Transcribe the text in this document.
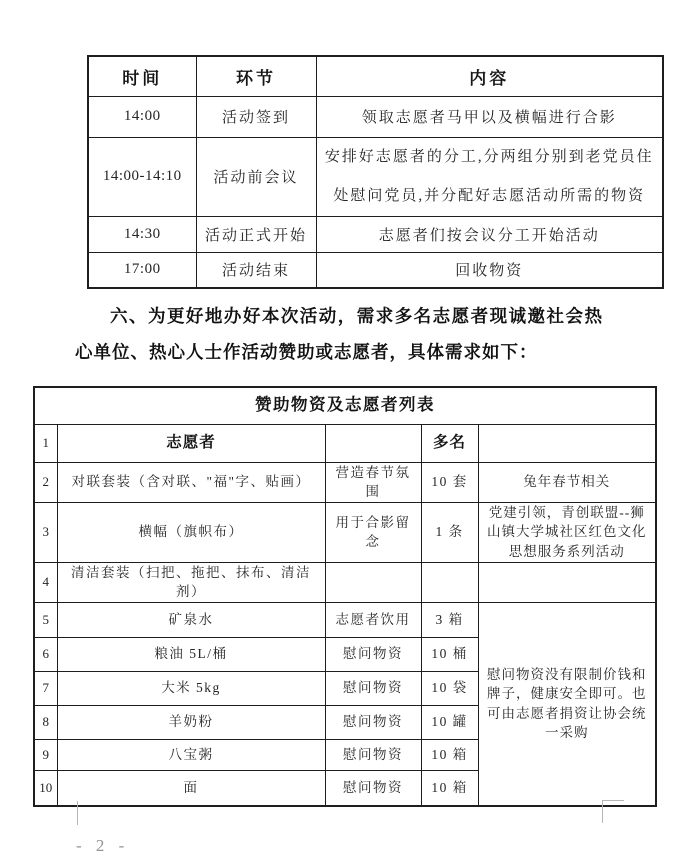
时间	环节	内容
14:00	活动签到	领取志愿者马甲以及横幅进行合影
14:00-14:10	活动前会议	安排好志愿者的分工,分两组分别到老党员住处慰问党员,并分配好志愿活动所需的物资
14:30	活动正式开始	志愿者们按会议分工开始活动
17:00	活动结束	回收物资
六、为更好地办好本次活动，需求多名志愿者现诚邀社会热心单位、热心人士作活动赞助或志愿者，具体需求如下：
赞助物资及志愿者列表				
1	志愿者		多名	
2	对联套装（含对联、"福"字、贴画）	营造春节氛围	10 套	兔年春节相关
3	横幅（旗帜布）	用于合影留念	1 条	党建引领，青创联盟--狮山镇大学城社区红色文化思想服务系列活动
4	清洁套装（扫把、拖把、抹布、清洁剂）			
5	矿泉水	志愿者饮用	3 箱	慰问物资没有限制价钱和牌子，健康安全即可。也可由志愿者捐资让协会统一采购
6	粮油 5L/桶	慰问物资	10 桶	
7	大米 5kg	慰问物资	10 袋	
8	羊奶粉	慰问物资	10 罐	
9	八宝粥	慰问物资	10 箱	
10	面	慰问物资	10 箱	
- 2 -
